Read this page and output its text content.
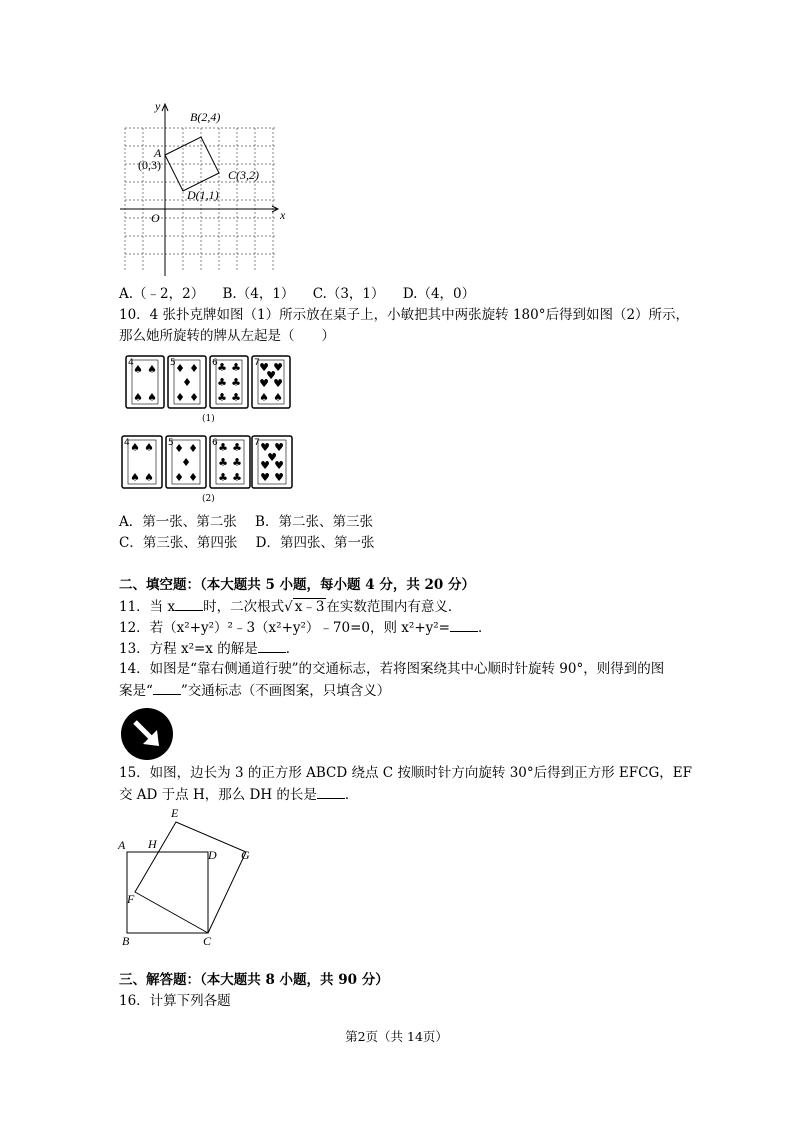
x
y
O
A
(0,3)
B(2,4)
C(3,2)
D(1,1)
A.（﹣2，2） B.（4，1） C.（3，1） D.（4，0）
10．4 张扑克牌如图（1）所示放在桌子上，小敏把其中两张旋转 180°后得到如图（2）所示，
那么她所旋转的牌从左起是（　　）
4	5	6	7
♠ ♠
♠ ♠
♦ ♦
♦
♦ ♦
♣ ♣
♣ ♣
♣ ♣
♥ ♥
♥
♥ ♥
♠ ♠
(1)
4	5	6	7
♠ ♠
♠ ♠
♦ ♦
♦
♦ ♦
♣ ♣
♣ ♣
♣ ♣
♥ ♥
♥
♥ ♥
♥ ♥
(2)
A．第一张、第二张 B．第二张、第三张
C．第三张、第四张 D．第四张、第一张
二、填空题：（本大题共 5 小题，每小题 4 分，共 20 分）
11．当 x 时，二次根式√ x﹣3 在实数范围内有意义．
12．若（x²+y²）²﹣3（x²+y²）﹣70=0，则 x²+y²= ．
13．方程 x²=x 的解是 ．
14．如图是“靠右侧通道行驶”的交通标志，若将图案绕其中心顺时针旋转 90°，则得到的图
案是“ ”交通标志（不画图案，只填含义）
15．如图，边长为 3 的正方形 ABCD 绕点 C 按顺时针方向旋转 30°后得到正方形 EFCG，EF
交 AD 于点 H，那么 DH 的长是 ．
A
B	C
D
E
F
G
H
三、解答题：（本大题共 8 小题，共 90 分）
16．计算下列各题
第2页（共 14页）
